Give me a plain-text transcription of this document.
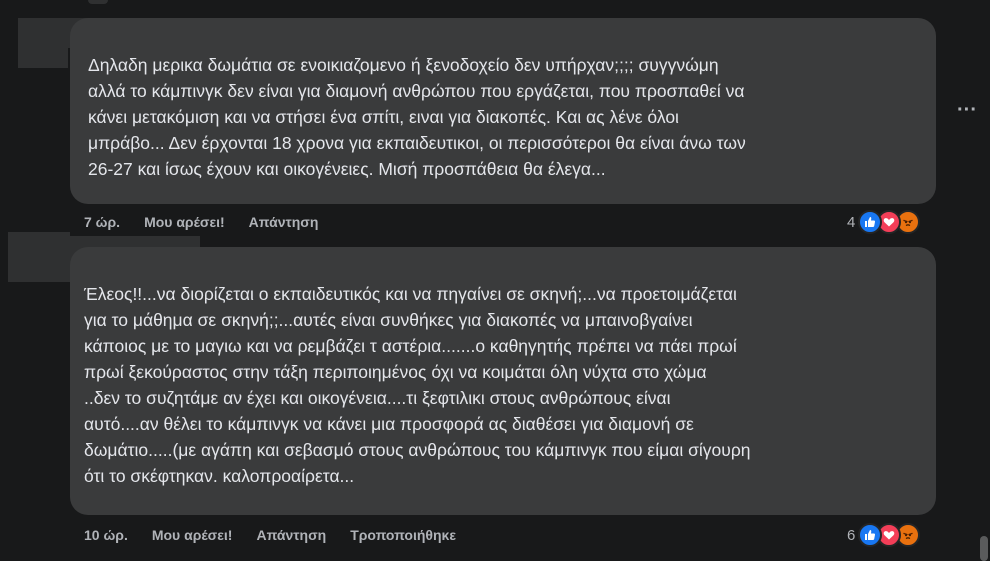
Δηλαδη μερικα δωμάτια σε ενοικιαζομενο ή ξενοδοχείο δεν υπήρχαν;;;; συγγνώμη
αλλά το κάμπινγκ δεν είναι για διαμονή ανθρώπου που εργάζεται, που προσπαθεί να
κάνει μετακόμιση και να στήσει ένα σπίτι, ειναι για διακοπές. Και ας λένε όλοι
μπράβο... Δεν έρχονται 18 χρονα για εκπαιδευτικοι, οι περισσότεροι θα είναι άνω των
26-27 και ίσως έχουν και οικογένειες. Μισή προσπάθεια θα έλεγα...
···
7 ώρ. Μου αρέσει! Απάντηση	4
Έλεος!!...να διορίζεται ο εκπαιδευτικός και να πηγαίνει σε σκηνή;...να προετοιμάζεται
για το μάθημα σε σκηνή;;...αυτές είναι συνθήκες για διακοπές να μπαινοβγαίνει
κάποιος με το μαγιω και να ρεμβάζει τ αστέρια.......ο καθηγητής πρέπει να πάει πρωί
πρωί ξεκούραστος στην τάξη περιποιημένος όχι να κοιμάται όλη νύχτα στο χώμα
..δεν το συζητάμε αν έχει και οικογένεια....τι ξεφτιλικι στους ανθρώπους είναι
αυτό....αν θέλει το κάμπινγκ να κάνει μια προσφορά ας διαθέσει για διαμονή σε
δωμάτιο.....(με αγάπη και σεβασμό στους ανθρώπους του κάμπινγκ που είμαι σίγουρη
ότι το σκέφτηκαν. καλοπροαίρετα...
10 ώρ. Μου αρέσει! Απάντηση Τροποποιήθηκε	6
